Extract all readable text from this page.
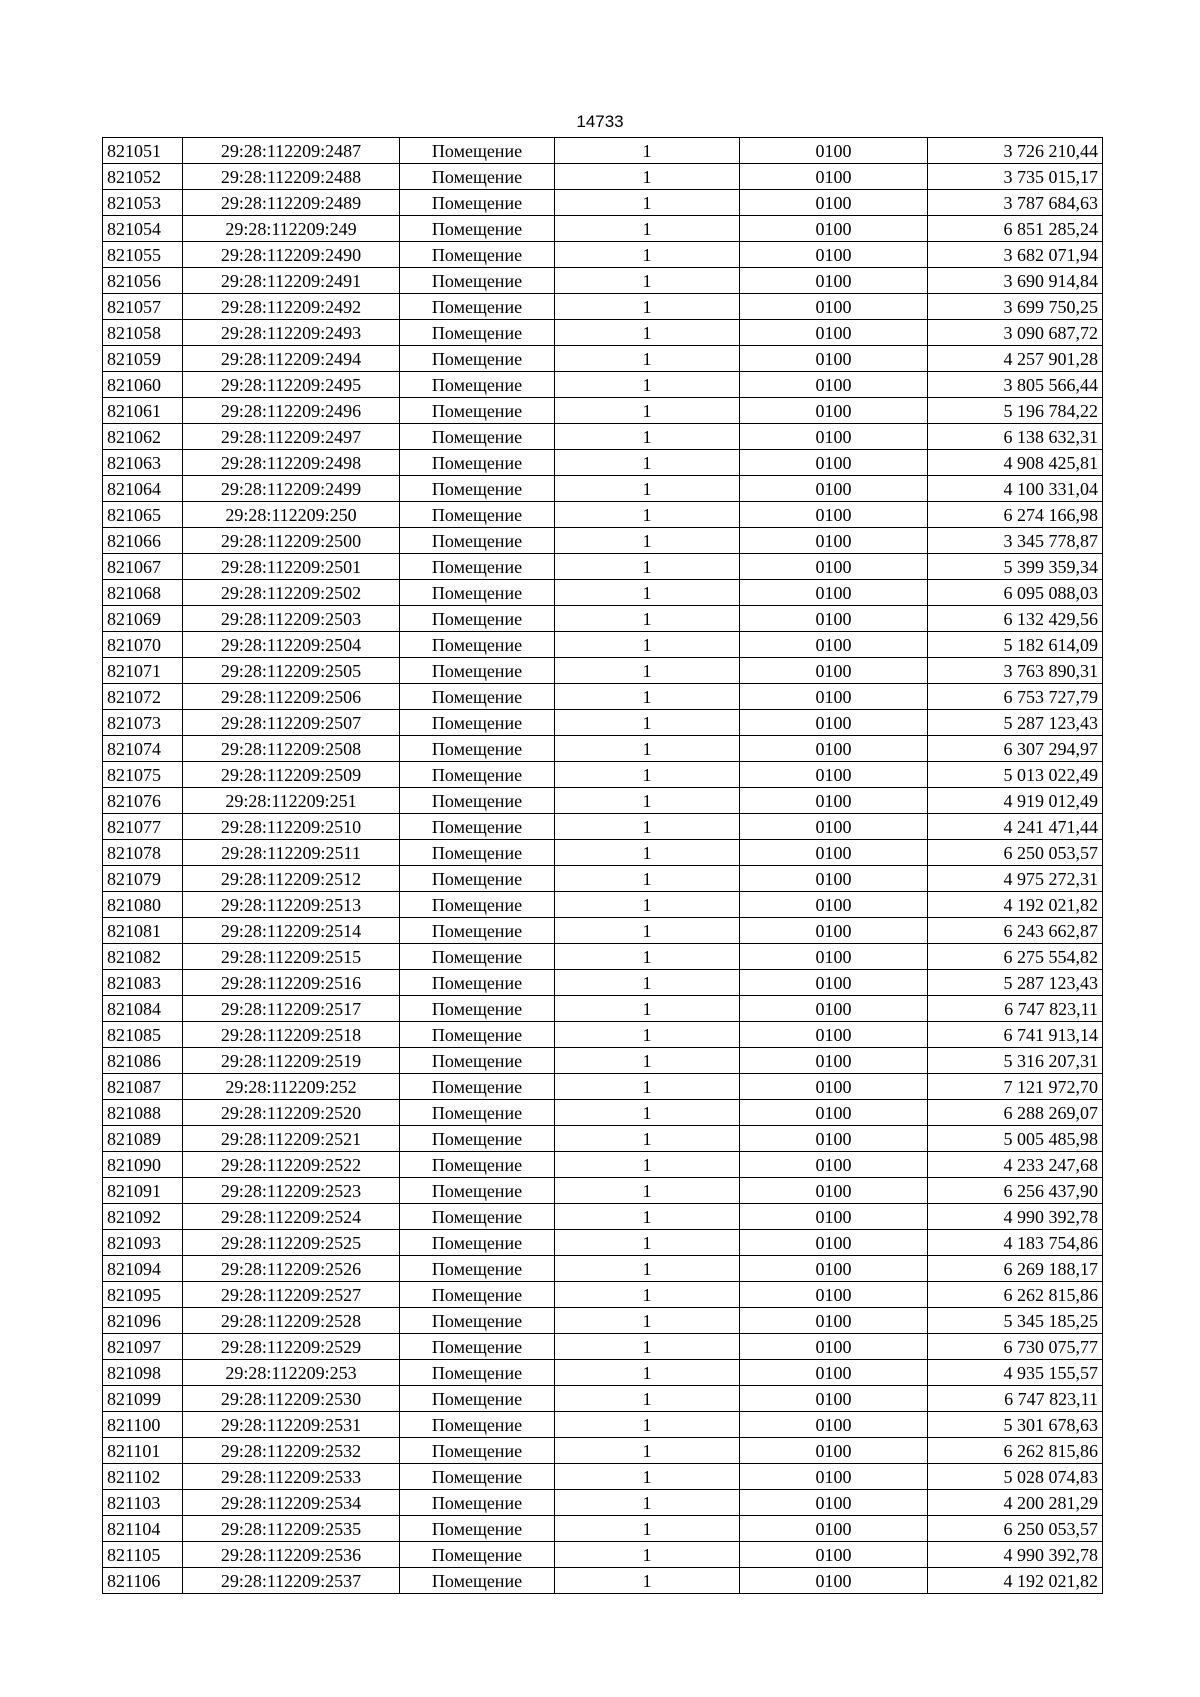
14733
821051	29:28:112209:2487	Помещение	1	0100	3 726 210,44
821052	29:28:112209:2488	Помещение	1	0100	3 735 015,17
821053	29:28:112209:2489	Помещение	1	0100	3 787 684,63
821054	29:28:112209:249	Помещение	1	0100	6 851 285,24
821055	29:28:112209:2490	Помещение	1	0100	3 682 071,94
821056	29:28:112209:2491	Помещение	1	0100	3 690 914,84
821057	29:28:112209:2492	Помещение	1	0100	3 699 750,25
821058	29:28:112209:2493	Помещение	1	0100	3 090 687,72
821059	29:28:112209:2494	Помещение	1	0100	4 257 901,28
821060	29:28:112209:2495	Помещение	1	0100	3 805 566,44
821061	29:28:112209:2496	Помещение	1	0100	5 196 784,22
821062	29:28:112209:2497	Помещение	1	0100	6 138 632,31
821063	29:28:112209:2498	Помещение	1	0100	4 908 425,81
821064	29:28:112209:2499	Помещение	1	0100	4 100 331,04
821065	29:28:112209:250	Помещение	1	0100	6 274 166,98
821066	29:28:112209:2500	Помещение	1	0100	3 345 778,87
821067	29:28:112209:2501	Помещение	1	0100	5 399 359,34
821068	29:28:112209:2502	Помещение	1	0100	6 095 088,03
821069	29:28:112209:2503	Помещение	1	0100	6 132 429,56
821070	29:28:112209:2504	Помещение	1	0100	5 182 614,09
821071	29:28:112209:2505	Помещение	1	0100	3 763 890,31
821072	29:28:112209:2506	Помещение	1	0100	6 753 727,79
821073	29:28:112209:2507	Помещение	1	0100	5 287 123,43
821074	29:28:112209:2508	Помещение	1	0100	6 307 294,97
821075	29:28:112209:2509	Помещение	1	0100	5 013 022,49
821076	29:28:112209:251	Помещение	1	0100	4 919 012,49
821077	29:28:112209:2510	Помещение	1	0100	4 241 471,44
821078	29:28:112209:2511	Помещение	1	0100	6 250 053,57
821079	29:28:112209:2512	Помещение	1	0100	4 975 272,31
821080	29:28:112209:2513	Помещение	1	0100	4 192 021,82
821081	29:28:112209:2514	Помещение	1	0100	6 243 662,87
821082	29:28:112209:2515	Помещение	1	0100	6 275 554,82
821083	29:28:112209:2516	Помещение	1	0100	5 287 123,43
821084	29:28:112209:2517	Помещение	1	0100	6 747 823,11
821085	29:28:112209:2518	Помещение	1	0100	6 741 913,14
821086	29:28:112209:2519	Помещение	1	0100	5 316 207,31
821087	29:28:112209:252	Помещение	1	0100	7 121 972,70
821088	29:28:112209:2520	Помещение	1	0100	6 288 269,07
821089	29:28:112209:2521	Помещение	1	0100	5 005 485,98
821090	29:28:112209:2522	Помещение	1	0100	4 233 247,68
821091	29:28:112209:2523	Помещение	1	0100	6 256 437,90
821092	29:28:112209:2524	Помещение	1	0100	4 990 392,78
821093	29:28:112209:2525	Помещение	1	0100	4 183 754,86
821094	29:28:112209:2526	Помещение	1	0100	6 269 188,17
821095	29:28:112209:2527	Помещение	1	0100	6 262 815,86
821096	29:28:112209:2528	Помещение	1	0100	5 345 185,25
821097	29:28:112209:2529	Помещение	1	0100	6 730 075,77
821098	29:28:112209:253	Помещение	1	0100	4 935 155,57
821099	29:28:112209:2530	Помещение	1	0100	6 747 823,11
821100	29:28:112209:2531	Помещение	1	0100	5 301 678,63
821101	29:28:112209:2532	Помещение	1	0100	6 262 815,86
821102	29:28:112209:2533	Помещение	1	0100	5 028 074,83
821103	29:28:112209:2534	Помещение	1	0100	4 200 281,29
821104	29:28:112209:2535	Помещение	1	0100	6 250 053,57
821105	29:28:112209:2536	Помещение	1	0100	4 990 392,78
821106	29:28:112209:2537	Помещение	1	0100	4 192 021,82
